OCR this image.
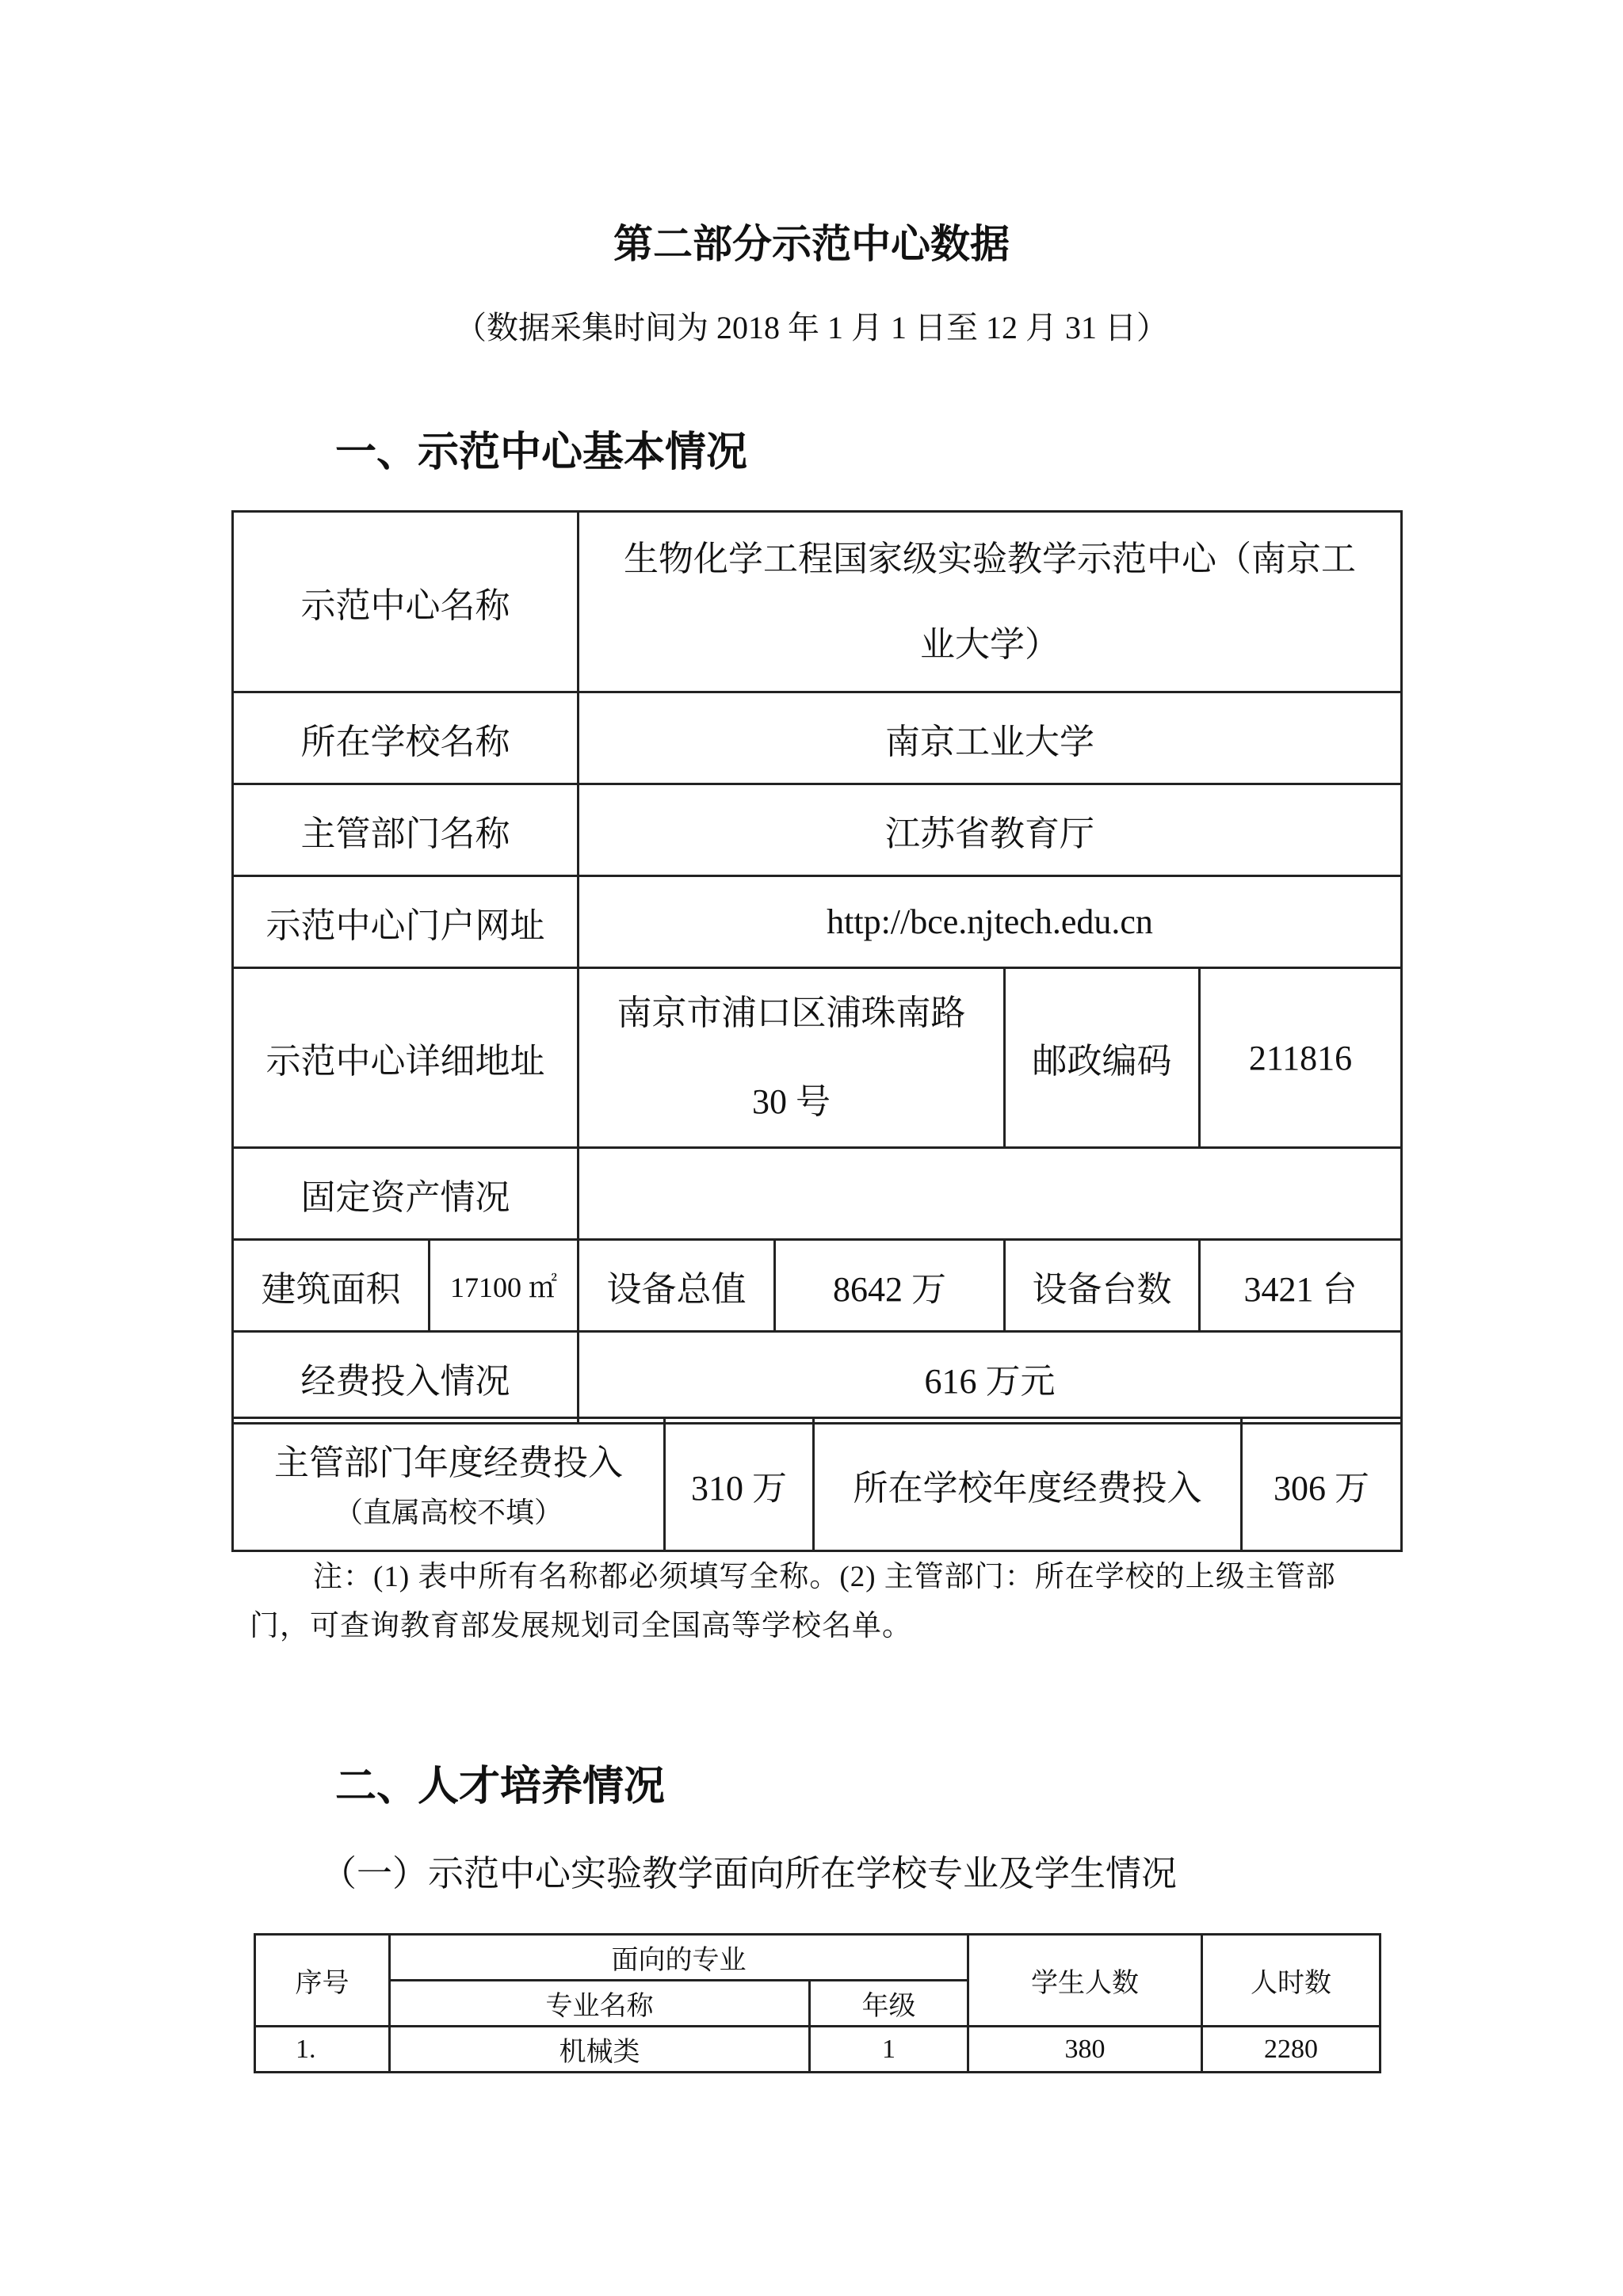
第二部分示范中心数据
（数据采集时间为 2018 年 1 月 1 日至 12 月 31 日）
一、示范中心基本情况
示范中心名称		生物化学工程国家级实验教学示范中心（南京工
业大学）			
所在学校名称		南京工业大学			
主管部门名称		江苏省教育厅			
示范中心门户网址		http://bce.njtech.edu.cn			
示范中心详细地址		南京市浦口区浦珠南路
30 号		邮政编码	211816
固定资产情况					
建筑面积	17100 ㎡	设备总值	8642 万	设备台数	3421 台
经费投入情况		616 万元			
主管部门年度经费投入
（直属高校不填）
	310 万	所在学校年度经费投入	306 万
注：(1) 表中所有名称都必须填写全称。(2) 主管部门：所在学校的上级主管部门，可查询教育部发展规划司全国高等学校名单。
二、人才培养情况
（一）示范中心实验教学面向所在学校专业及学生情况
序号	面向的专业		学生人数	人时数
	专业名称	年级		
1.	机械类	1	380	2280
